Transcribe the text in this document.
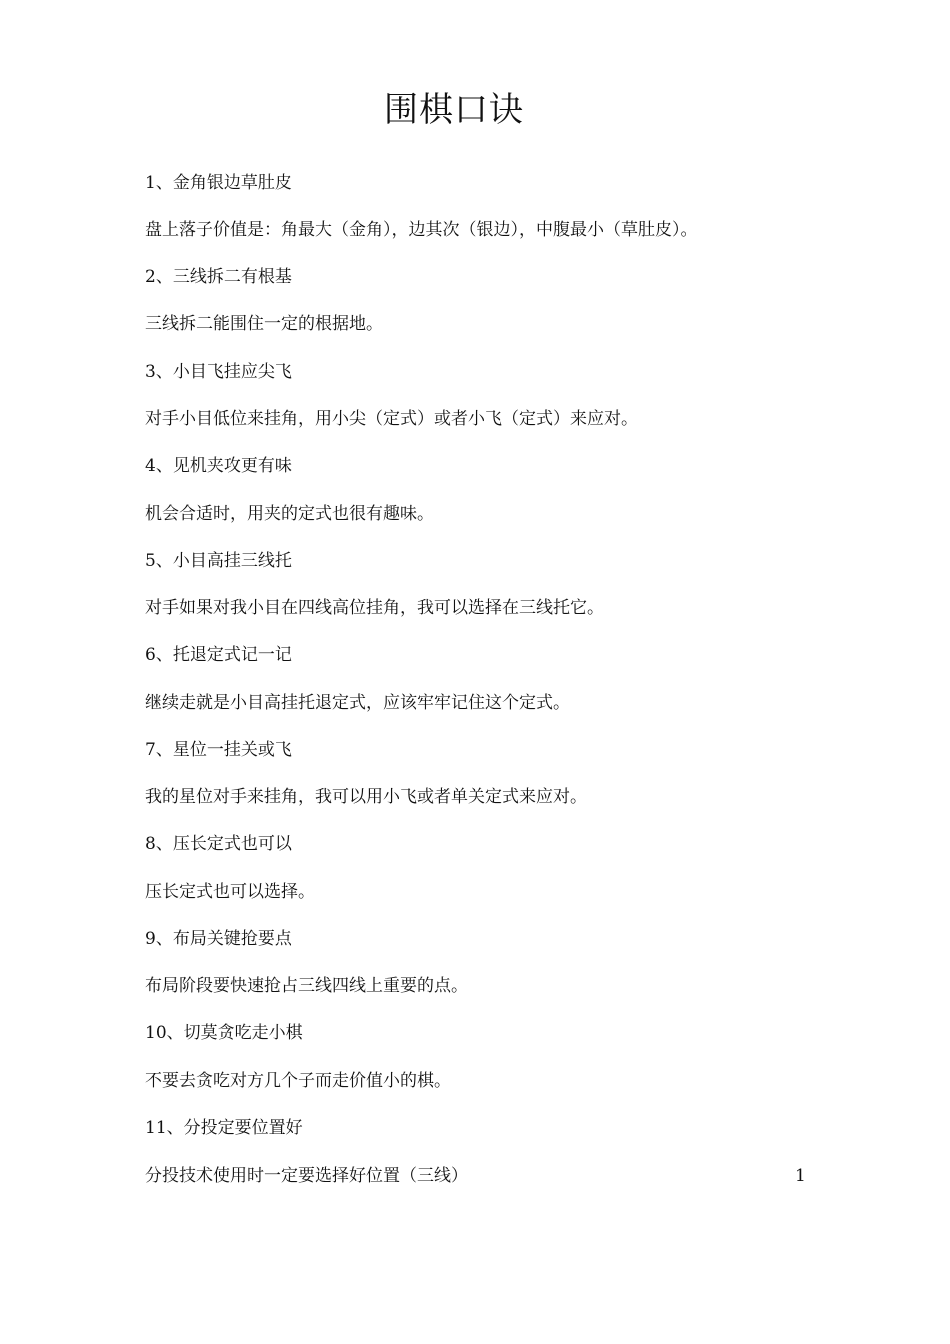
围棋口诀

1、金角银边草肚皮

盘上落子价值是：角最大（金角），边其次（银边），中腹最小（草肚皮）。

2、三线拆二有根基

三线拆二能围住一定的根据地。

3、小目飞挂应尖飞

对手小目低位来挂角，用小尖（定式）或者小飞（定式）来应对。

4、见机夹攻更有味

机会合适时，用夹的定式也很有趣味。

5、小目高挂三线托

对手如果对我小目在四线高位挂角，我可以选择在三线托它。

6、托退定式记一记

继续走就是小目高挂托退定式，应该牢牢记住这个定式。

7、星位一挂关或飞

我的星位对手来挂角，我可以用小飞或者单关定式来应对。

8、压长定式也可以

压长定式也可以选择。

9、布局关键抢要点

布局阶段要快速抢占三线四线上重要的点。

10、切莫贪吃走小棋

不要去贪吃对方几个子而走价值小的棋。

11、分投定要位置好

分投技术使用时一定要选择好位置（三线）	1
